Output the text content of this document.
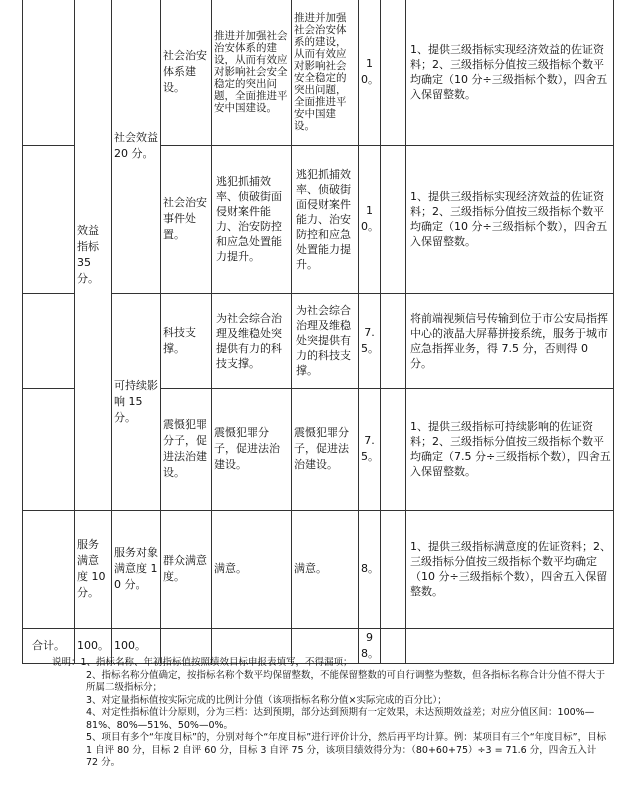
	效益指标 35 分。	社会效益 20 分。	社会治安体系建设。	推进并加强社会治安体系的建设，从而有效应对影响社会安全稳定的突出问题，全面推进平安中国建设。	推进并加强社会治安体系的建设，从而有效应对影响社会安全稳定的突出问题，全面推进平安中国建设。	10。		1、提供三级指标实现经济效益的佐证资料；2、三级指标分值按三级指标个数平均确定（10 分÷三级指标个数），四舍五入保留整数。
			社会治安事件处置。	逃犯抓捕效率、侦破街面侵财案件能力、治安防控和应急处置能力提升。	逃犯抓捕效率、侦破街面侵财案件能力、治安防控和应急处置能力提升。	10。		1、提供三级指标实现经济效益的佐证资料；2、三级指标分值按三级指标个数平均确定（10 分÷三级指标个数），四舍五入保留整数。
		可持续影响 15 分。	科技支撑。	为社会综合治理及维稳处突提供有力的科技支撑。	为社会综合治理及维稳处突提供有力的科技支撑。	7.5。		将前端视频信号传输到位于市公安局指挥中心的液晶大屏幕拼接系统，服务于城市应急指挥业务，得 7.5 分，否则得 0 分。
			震慑犯罪分子，促进法治建设。	震慑犯罪分子，促进法治建设。	震慑犯罪分子，促进法治建设。	7.5。		1、提供三级指标可持续影响的佐证资料；2、三级指标分值按三级指标个数平均确定（7.5 分÷三级指标个数），四舍五入保留整数。
	服务满意度 10 分。	服务对象满意度 10 分。	群众满意度。	满意。	满意。	8。		1、提供三级指标满意度的佐证资料；2、三级指标分值按三级指标个数平均确定（10 分÷三级指标个数），四舍五入保留整数。
合计。	100。	100。				98。		
说明：1、指标名称、年初指标值按照绩效目标申报表填写，不得漏项；
2、指标名称分值确定，按指标名称个数平均保留整数，不能保留整数的可自行调整为整数，但各指标名称合计分值不得大于所属二级指标分；
3、对定量指标值按实际完成的比例计分值（该项指标名称分值×实际完成的百分比）；
4、对定性指标值计分原则，分为三档：达到预期，部分达到预期有一定效果，未达预期效益差；对应分值区间：100%—81%、80%—51%、50%—0%。
5、项目有多个“年度目标”的，分别对每个“年度目标”进行评价计分，然后再平均计算。例：某项目有三个“年度目标”，目标 1 自评 80 分，目标 2 自评 60 分，目标 3 自评 75 分，该项目绩效得分为：（80+60+75）÷3 = 71.6 分，四舍五入计 72 分。
